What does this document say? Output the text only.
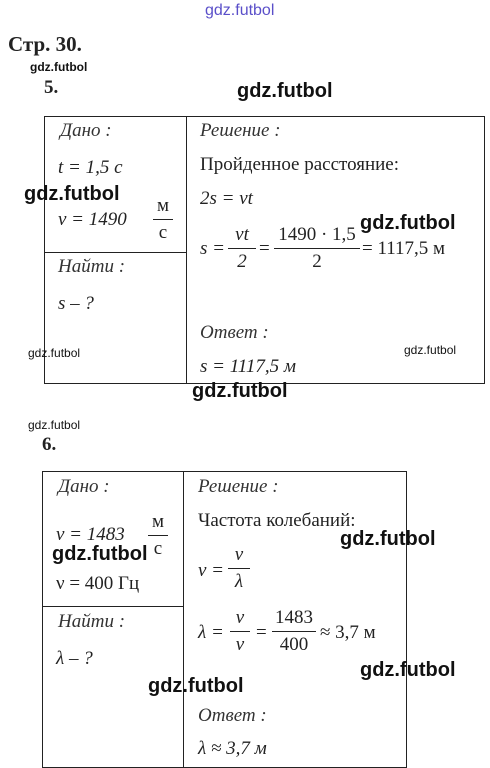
gdz.futbol
Стр. 30.
gdz.futbol
5.	gdz.futbol
Дано :
t = 1,5 с
v = 1490
м
с
Найти :
s – ?
Решение :
Пройденное расстояние:
2s = vt
s =
vt
2
=
1490 · 1,5
2
= 1117,5 м
Ответ :
s = 1117,5 м
gdz.futbol
gdz.futbol
gdz.futbol	gdz.futbol
gdz.futbol
gdz.futbol
6.
Дано :
v = 1483
м
с
ν = 400 Гц
Найти :
λ – ?
Решение :
Частота колебаний:
ν =
v
λ
λ =
v
ν
=
1483
400
≈ 3,7 м
Ответ :
λ ≈ 3,7 м
gdz.futbol
gdz.futbol
gdz.futbol
gdz.futbol
